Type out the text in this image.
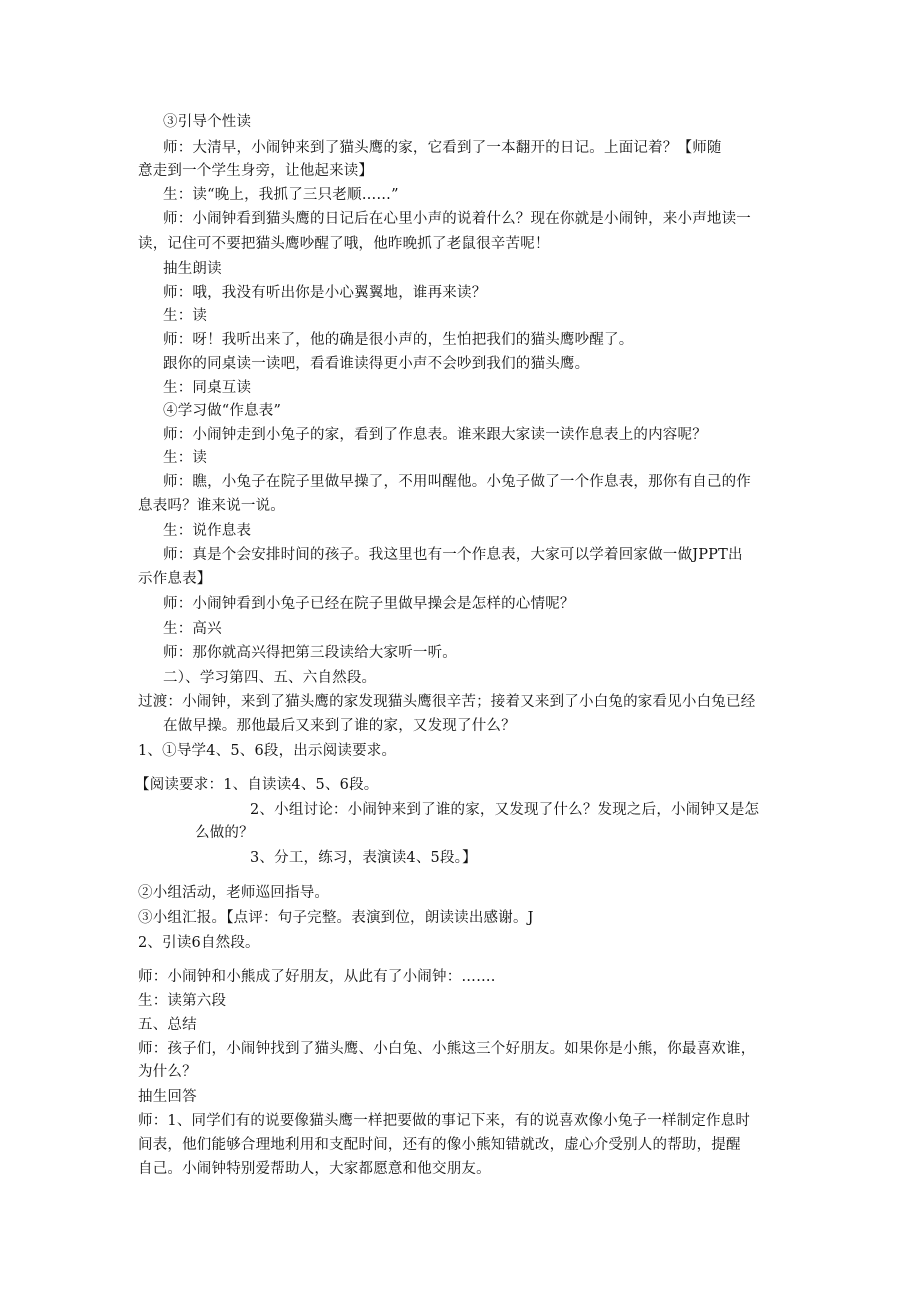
③引导个性读
师：大清早，小闹钟来到了猫头鹰的家，它看到了一本翻开的日记。上面记着？【师随
意走到一个学生身旁，让他起来读】
生：读“晚上，我抓了三只老顺……”
师：小闹钟看到猫头鹰的日记后在心里小声的说着什么？现在你就是小闹钟，来小声地读一
读，记住可不要把猫头鹰吵醒了哦，他昨晚抓了老鼠很辛苦呢！
抽生朗读
师：哦，我没有听出你是小心翼翼地，谁再来读？
生：读
师：呀！我听出来了，他的确是很小声的，生怕把我们的猫头鹰吵醒了。
跟你的同桌读一读吧，看看谁读得更小声不会吵到我们的猫头鹰。
生：同桌互读
④学习做“作息表”
师：小闹钟走到小兔子的家，看到了作息表。谁来跟大家读一读作息表上的内容呢？
生：读
师：瞧，小兔子在院子里做早操了，不用叫醒他。小兔子做了一个作息表，那你有自己的作
息表吗？谁来说一说。
生：说作息表
师：真是个会安排时间的孩子。我这里也有一个作息表，大家可以学着回家做一做JPPT出
示作息表】
师：小闹钟看到小兔子已经在院子里做早操会是怎样的心情呢？
生：高兴
师：那你就高兴得把第三段读给大家听一听。
二）、学习第四、五、六自然段。
过渡：小闹钟，来到了猫头鹰的家发现猫头鹰很辛苦；接着又来到了小白兔的家看见小白兔已经
在做早操。那他最后又来到了谁的家，又发现了什么？
1、①导学4、5、6段，出示阅读要求。
【阅读要求：1、自读读4、5、6段。
2、小组讨论：小闹钟来到了谁的家，又发现了什么？发现之后，小闹钟又是怎
么做的？
3、分工，练习，表演读4、5段。】
②小组活动，老师巡回指导。
③小组汇报。【点评：句子完整。表演到位，朗读读出感谢。J
2、引读6自然段。
师：小闹钟和小熊成了好朋友，从此有了小闹钟：…….
生：读第六段
五、总结
师：孩子们，小闹钟找到了猫头鹰、小白兔、小熊这三个好朋友。如果你是小熊，你最喜欢谁，
为什么？
抽生回答
师：1、同学们有的说要像猫头鹰一样把要做的事记下来，有的说喜欢像小兔子一样制定作息时
间表，他们能够合理地利用和支配时间，还有的像小熊知错就改，虚心介受别人的帮助，提醒
自己。小闹钟特别爱帮助人，大家都愿意和他交朋友。
